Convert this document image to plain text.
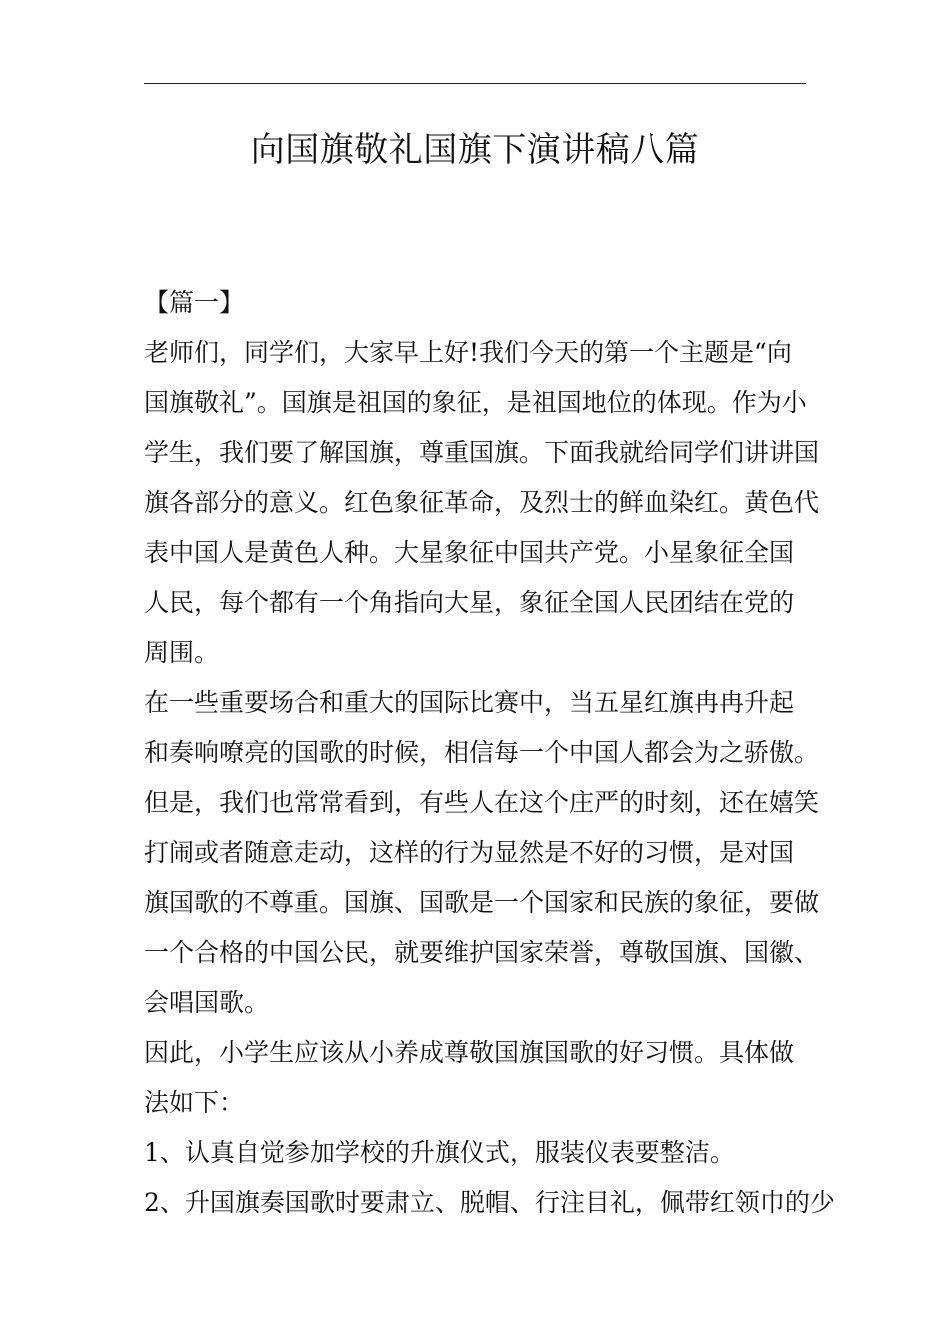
向国旗敬礼国旗下演讲稿八篇
【篇一】
老师们，同学们，大家早上好!我们今天的第一个主题是“向
国旗敬礼”。国旗是祖国的象征，是祖国地位的体现。作为小
学生，我们要了解国旗，尊重国旗。下面我就给同学们讲讲国
旗各部分的意义。红色象征革命，及烈士的鲜血染红。黄色代
表中国人是黄色人种。大星象征中国共产党。小星象征全国
人民，每个都有一个角指向大星，象征全国人民团结在党的
周围。
在一些重要场合和重大的国际比赛中，当五星红旗冉冉升起
和奏响嘹亮的国歌的时候，相信每一个中国人都会为之骄傲。
但是，我们也常常看到，有些人在这个庄严的时刻，还在嬉笑
打闹或者随意走动，这样的行为显然是不好的习惯，是对国
旗国歌的不尊重。国旗、国歌是一个国家和民族的象征，要做
一个合格的中国公民，就要维护国家荣誉，尊敬国旗、国徽、
会唱国歌。
因此，小学生应该从小养成尊敬国旗国歌的好习惯。具体做
法如下：
1、认真自觉参加学校的升旗仪式，服装仪表要整洁。
2、升国旗奏国歌时要肃立、脱帽、行注目礼，佩带红领巾的少
